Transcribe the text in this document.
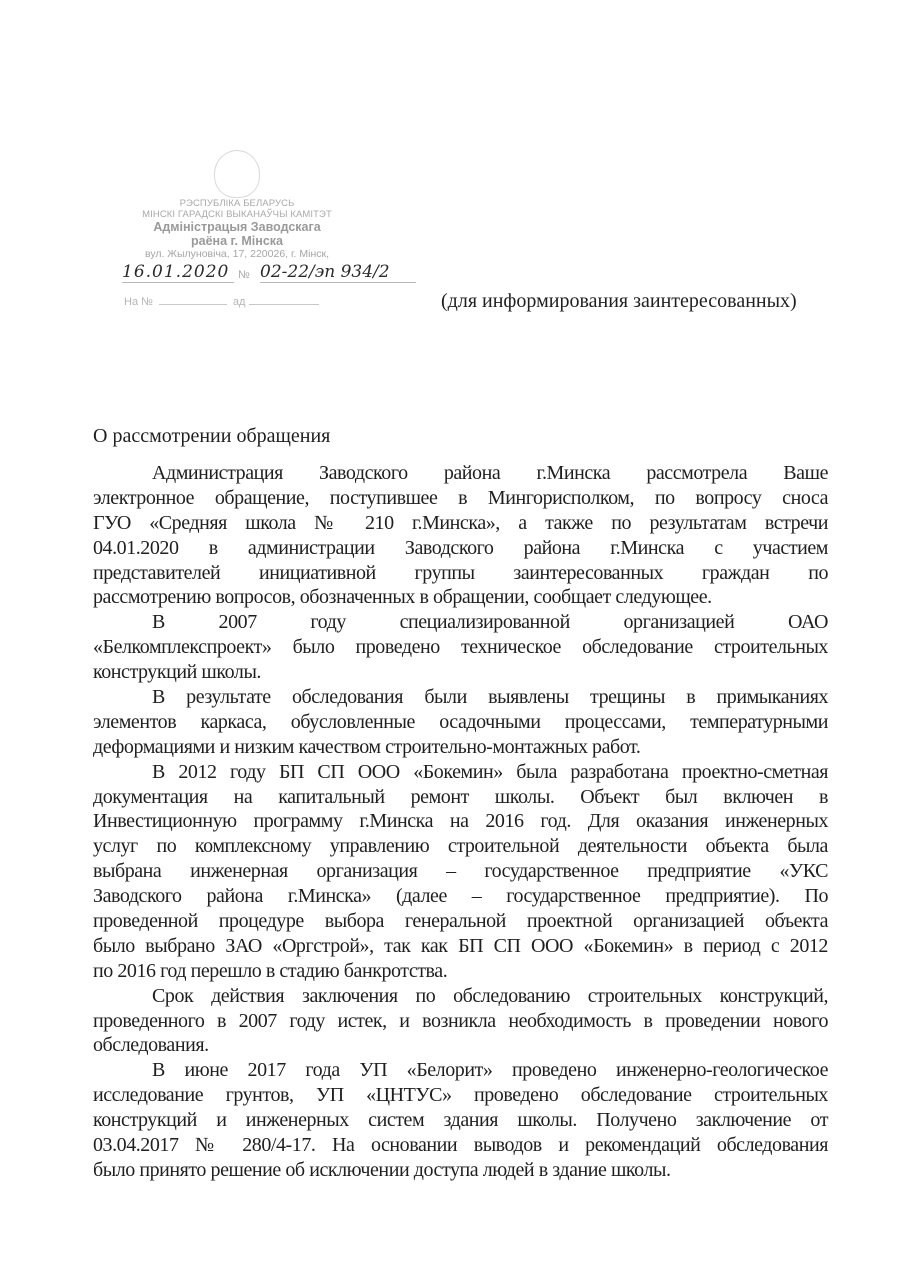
РЭСПУБЛІКА БЕЛАРУСЬ
МІНСКІ ГАРАДСКІ ВЫКАНАЎЧЫ КАМІТЭТ
Адміністрацыя Заводскага
раёна г. Мінска
вул. Жылуновіча, 17, 220026, г. Мінск,
16.01.2020 № 02-22/эп 934/2
На №	ад	(для информирования заинтересованных)
О рассмотрении обращения
Администрация Заводского района г.Минска рассмотрела Ваше
электронное обращение, поступившее в Мингорисполком, по вопросу сноса
ГУО «Средняя школа № 210 г.Минска», а также по результатам встречи
04.01.2020 в администрации Заводского района г.Минска с участием
представителей инициативной группы заинтересованных граждан по
рассмотрению вопросов, обозначенных в обращении, сообщает следующее.
В 2007 году специализированной организацией ОАО
«Белкомплекспроект» было проведено техническое обследование строительных
конструкций школы.
В результате обследования были выявлены трещины в примыканиях
элементов каркаса, обусловленные осадочными процессами, температурными
деформациями и низким качеством строительно-монтажных работ.
В 2012 году БП СП ООО «Бокемин» была разработана проектно-сметная
документация на капитальный ремонт школы. Объект был включен в
Инвестиционную программу г.Минска на 2016 год. Для оказания инженерных
услуг по комплексному управлению строительной деятельности объекта была
выбрана инженерная организация – государственное предприятие «УКС
Заводского района г.Минска» (далее – государственное предприятие). По
проведенной процедуре выбора генеральной проектной организацией объекта
было выбрано ЗАО «Оргстрой», так как БП СП ООО «Бокемин» в период с 2012
по 2016 год перешло в стадию банкротства.
Срок действия заключения по обследованию строительных конструкций,
проведенного в 2007 году истек, и возникла необходимость в проведении нового
обследования.
В июне 2017 года УП «Белорит» проведено инженерно-геологическое
исследование грунтов, УП «ЦНТУС» проведено обследование строительных
конструкций и инженерных систем здания школы. Получено заключение от
03.04.2017 № 280/4-17. На основании выводов и рекомендаций обследования
было принято решение об исключении доступа людей в здание школы.
